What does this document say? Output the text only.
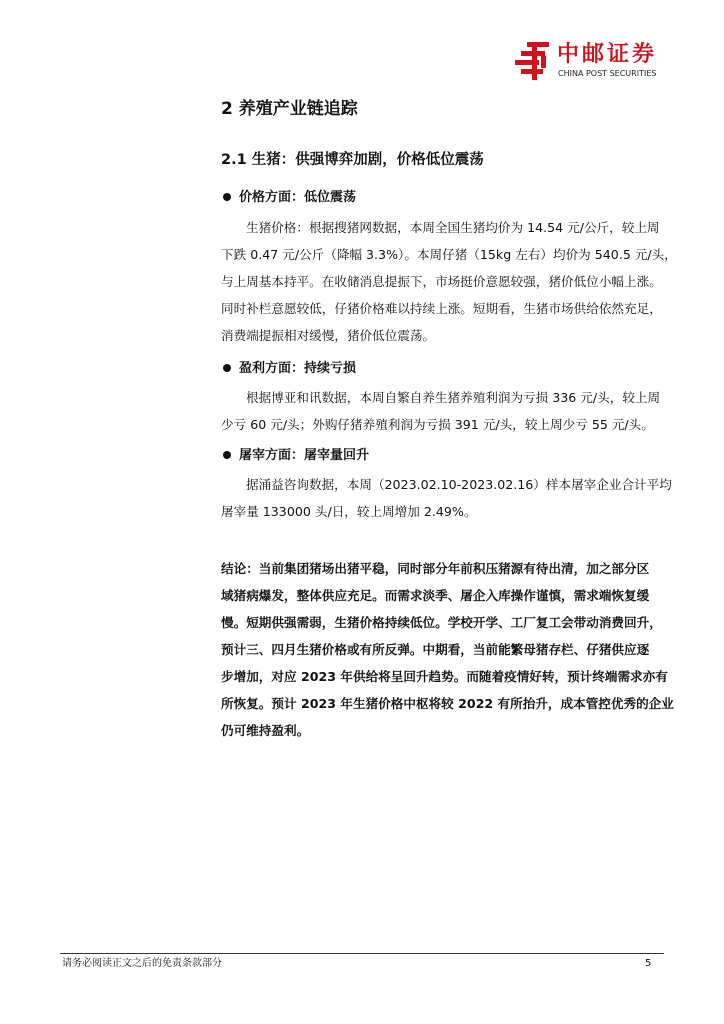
中邮证券
CHINA POST SECURITIES
2 养殖产业链追踪
2.1 生猪：供强博弈加剧，价格低位震荡
价格方面：低位震荡
生猪价格：根据搜猪网数据，本周全国生猪均价为 14.54 元/公斤，较上周
下跌 0.47 元/公斤（降幅 3.3%）。本周仔猪（15kg 左右）均价为 540.5 元/头，
与上周基本持平。在收储消息提振下，市场挺价意愿较强，猪价低位小幅上涨。
同时补栏意愿较低，仔猪价格难以持续上涨。短期看，生猪市场供给依然充足，
消费端提振相对缓慢，猪价低位震荡。
盈利方面：持续亏损
根据博亚和讯数据，本周自繁自养生猪养殖利润为亏损 336 元/头，较上周
少亏 60 元/头；外购仔猪养殖利润为亏损 391 元/头，较上周少亏 55 元/头。
屠宰方面：屠宰量回升
据涌益咨询数据，本周（2023.02.10-2023.02.16）样本屠宰企业合计平均
屠宰量 133000 头/日，较上周增加 2.49%。
结论：当前集团猪场出猪平稳，同时部分年前积压猪源有待出清，加之部分区
域猪病爆发，整体供应充足。而需求淡季、屠企入库操作谨慎，需求端恢复缓
慢。短期供强需弱，生猪价格持续低位。学校开学、工厂复工会带动消费回升，
预计三、四月生猪价格或有所反弹。中期看，当前能繁母猪存栏、仔猪供应逐
步增加，对应 2023 年供给将呈回升趋势。而随着疫情好转，预计终端需求亦有
所恢复。预计 2023 年生猪价格中枢将较 2022 有所抬升，成本管控优秀的企业
仍可维持盈利。
请务必阅读正文之后的免责条款部分	5
